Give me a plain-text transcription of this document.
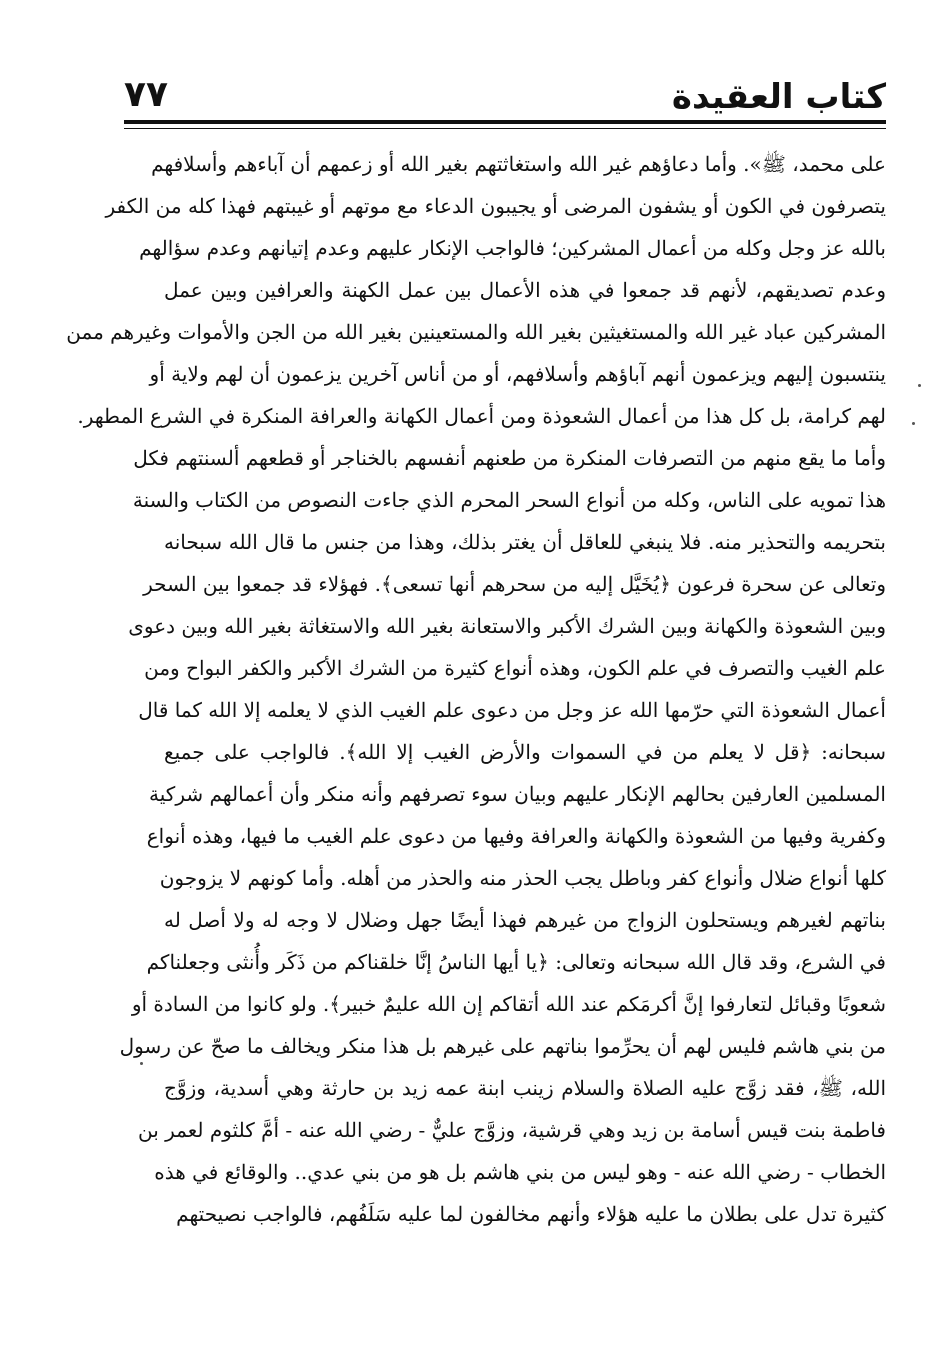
كتاب العقيدة
٧٧
على محمد، ﷺ». وأما دعاؤهم غير الله واستغاثتهم بغير الله أو زعمهم أن آباءهم وأسلافهم
يتصرفون في الكون أو يشفون المرضى أو يجيبون الدعاء مع موتهم أو غيبتهم فهذا كله من الكفر
بالله عز وجل وكله من أعمال المشركين؛ فالواجب الإنكار عليهم وعدم إتيانهم وعدم سؤالهم
وعدم تصديقهم، لأنهم قد جمعوا في هذه الأعمال بين عمل الكهنة والعرافين وبين عمل
المشركين عباد غير الله والمستغيثين بغير الله والمستعينين بغير الله من الجن والأموات وغيرهم ممن
ينتسبون إليهم ويزعمون أنهم آباؤهم وأسلافهم، أو من أناس آخرين يزعمون أن لهم ولاية أو
لهم كرامة، بل كل هذا من أعمال الشعوذة ومن أعمال الكهانة والعرافة المنكرة في الشرع المطهر.
وأما ما يقع منهم من التصرفات المنكرة من طعنهم أنفسهم بالخناجر أو قطعهم ألسنتهم فكل
هذا تمويه على الناس، وكله من أنواع السحر المحرم الذي جاءت النصوص من الكتاب والسنة
بتحريمه والتحذير منه. فلا ينبغي للعاقل أن يغتر بذلك، وهذا من جنس ما قال الله سبحانه
وتعالى عن سحرة فرعون ﴿يُخَيَّل إليه من سحرهم أنها تسعى﴾. فهؤلاء قد جمعوا بين السحر
وبين الشعوذة والكهانة وبين الشرك الأكبر والاستعانة بغير الله والاستغاثة بغير الله وبين دعوى
علم الغيب والتصرف في علم الكون، وهذه أنواع كثيرة من الشرك الأكبر والكفر البواح ومن
أعمال الشعوذة التي حرّمها الله عز وجل من دعوى علم الغيب الذي لا يعلمه إلا الله كما قال
سبحانه: ﴿قل لا يعلم من في السموات والأرض الغيب إلا الله﴾. فالواجب على جميع
المسلمين العارفين بحالهم الإنكار عليهم وبيان سوء تصرفهم وأنه منكر وأن أعمالهم شركية
وكفرية وفيها من الشعوذة والكهانة والعرافة وفيها من دعوى علم الغيب ما فيها، وهذه أنواع
كلها أنواع ضلال وأنواع كفر وباطل يجب الحذر منه والحذر من أهله. وأما كونهم لا يزوجون
بناتهم لغيرهم ويستحلون الزواج من غيرهم فهذا أيضًا جهل وضلال لا وجه له ولا أصل له
في الشرع، وقد قال الله سبحانه وتعالى: ﴿يا أيها الناسُ إنَّا خلقناكم من ذَكَر وأُنثى وجعلناكم
شعوبًا وقبائل لتعارفوا إنَّ أكرمَكم عند الله أتقاكم إن الله عليمٌ خبير﴾. ولو كانوا من السادة أو
من بني هاشم فليس لهم أن يحرِّموا بناتهم على غيرهم بل هذا منكر ويخالف ما صحّ عن رسول
الله، ﷺ، فقد زوَّج عليه الصلاة والسلام زينب ابنة عمه زيد بن حارثة وهي أسدية، وزوَّج
فاطمة بنت قيس أسامة بن زيد وهي قرشية، وزوَّج عليٌّ - رضي الله عنه - أمَّ كلثوم لعمر بن
الخطاب - رضي الله عنه - وهو ليس من بني هاشم بل هو من بني عدي.. والوقائع في هذه
كثيرة تدل على بطلان ما عليه هؤلاء وأنهم مخالفون لما عليه سَلَفُهم، فالواجب نصيحتهم
